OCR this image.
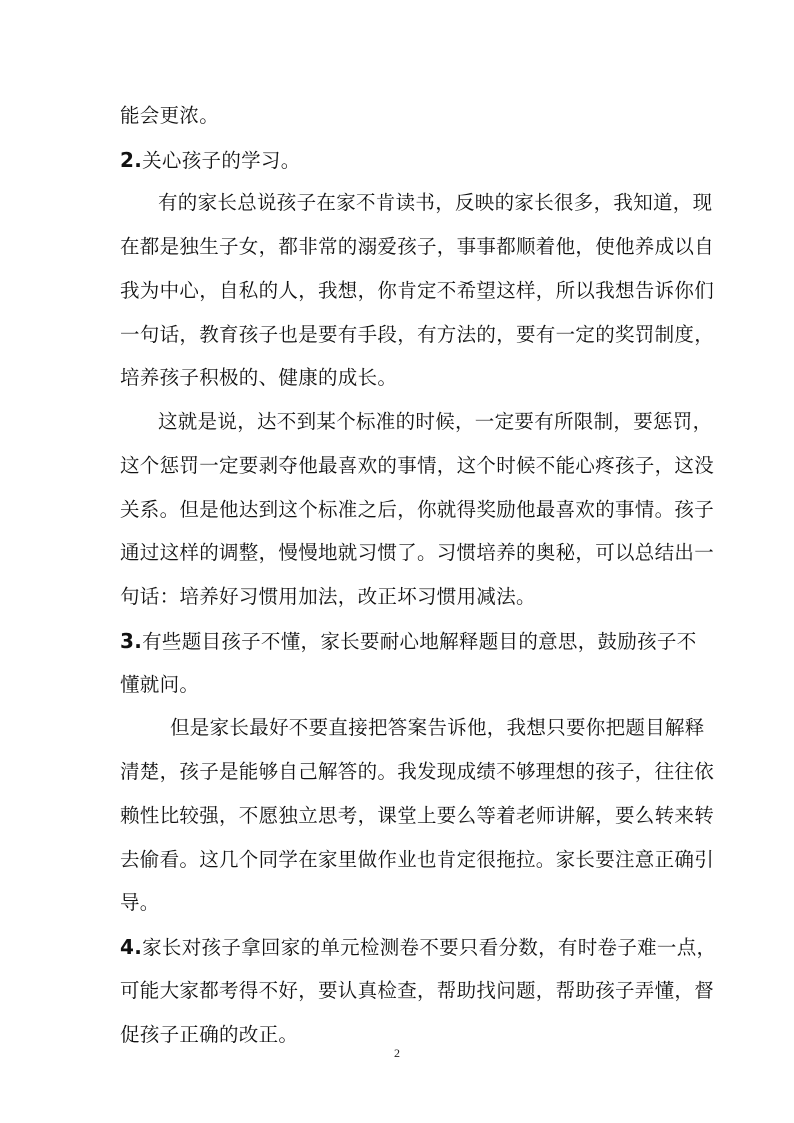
能会更浓。
2.关心孩子的学习。
有的家长总说孩子在家不肯读书，反映的家长很多，我知道，现
在都是独生子女，都非常的溺爱孩子，事事都顺着他，使他养成以自
我为中心，自私的人，我想，你肯定不希望这样，所以我想告诉你们
一句话，教育孩子也是要有手段，有方法的，要有一定的奖罚制度，
培养孩子积极的、健康的成长。
这就是说，达不到某个标准的时候，一定要有所限制，要惩罚，
这个惩罚一定要剥夺他最喜欢的事情，这个时候不能心疼孩子，这没
关系。但是他达到这个标准之后，你就得奖励他最喜欢的事情。孩子
通过这样的调整，慢慢地就习惯了。习惯培养的奥秘，可以总结出一
句话：培养好习惯用加法，改正坏习惯用减法。
3.有些题目孩子不懂，家长要耐心地解释题目的意思，鼓励孩子不
懂就问。
但是家长最好不要直接把答案告诉他，我想只要你把题目解释
清楚，孩子是能够自己解答的。我发现成绩不够理想的孩子，往往依
赖性比较强，不愿独立思考，课堂上要么等着老师讲解，要么转来转
去偷看。这几个同学在家里做作业也肯定很拖拉。家长要注意正确引
导。
4.家长对孩子拿回家的单元检测卷不要只看分数，有时卷子难一点，
可能大家都考得不好，要认真检查，帮助找问题，帮助孩子弄懂，督
促孩子正确的改正。
2
